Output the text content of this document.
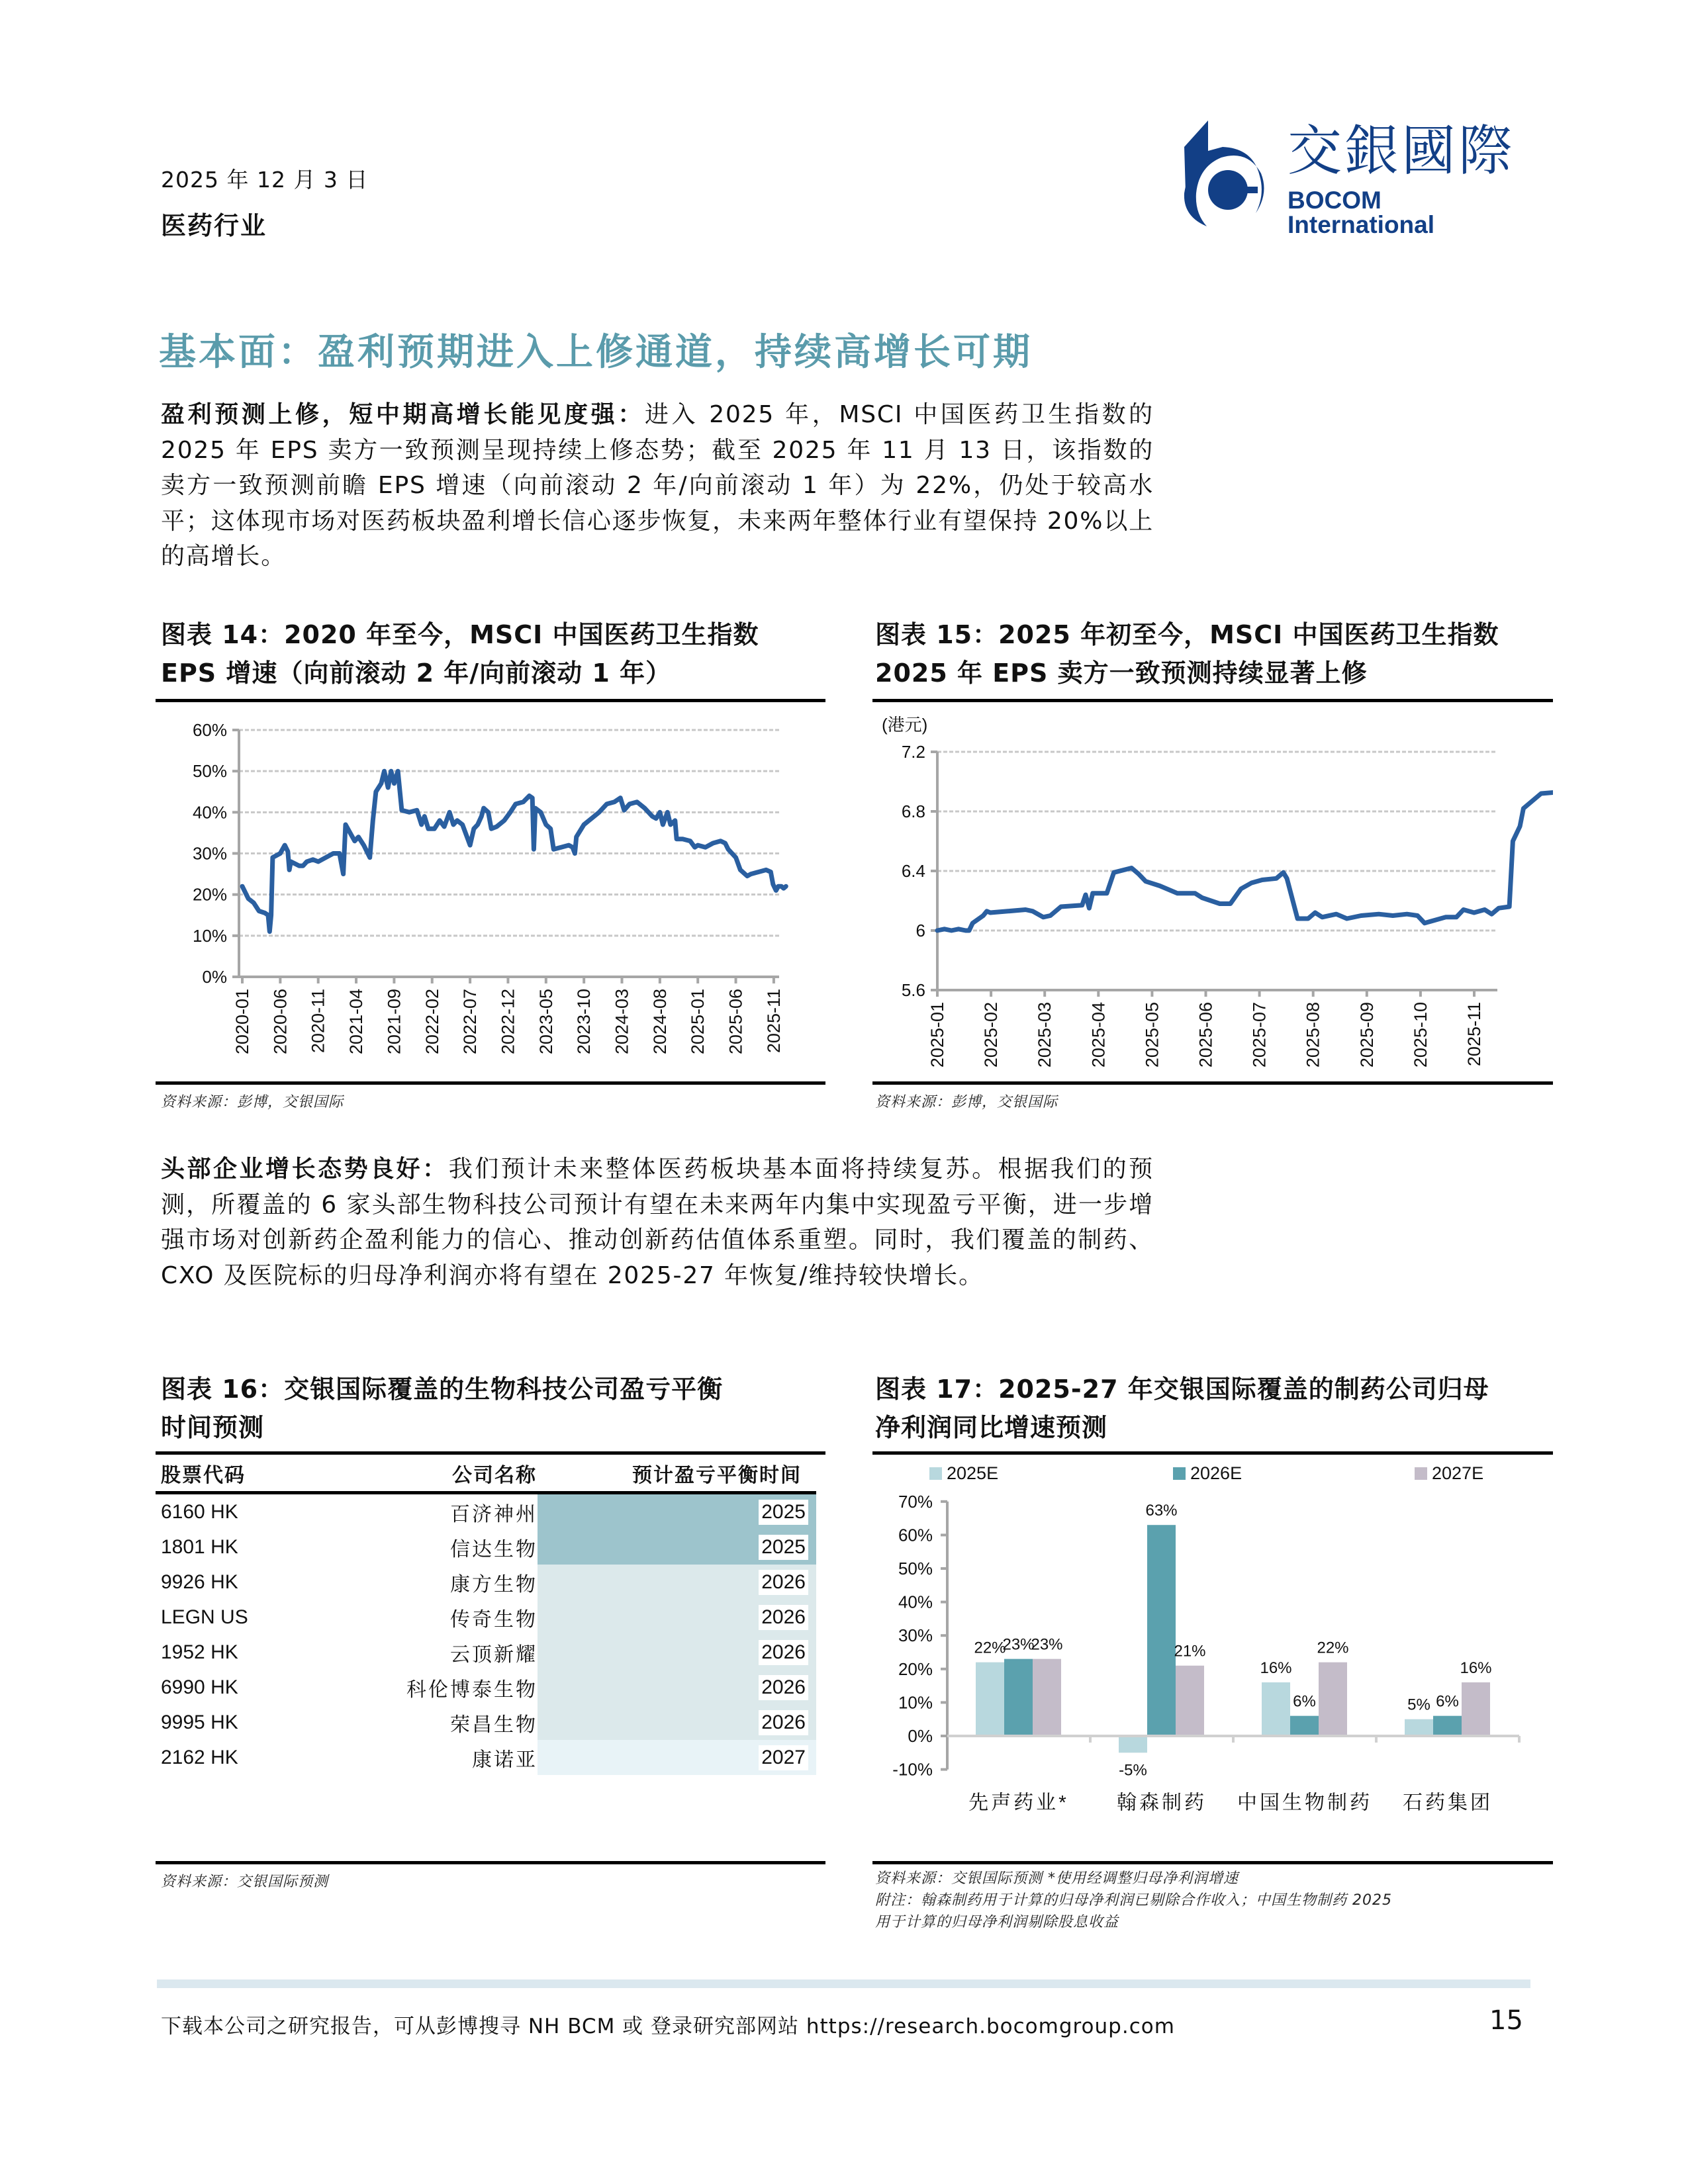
2025 年 12 月 3 日
医药行业
交銀國際
BOCOM International
基本面：盈利预期进入上修通道，持续高增长可期
盈利预测上修，短中期高增长能见度强：进入 2025 年，MSCI 中国医药卫生指数的 2025 年 EPS 卖方一致预测呈现持续上修态势；截至 2025 年 11 月 13 日，该指数的卖方一致预测前瞻 EPS 增速（向前滚动 2 年/向前滚动 1 年）为 22%，仍处于较高水平；这体现市场对医药板块盈利增长信心逐步恢复，未来两年整体行业有望保持 20%以上的高增长。
图表 14：2020 年至今，MSCI 中国医药卫生指数
EPS 增速（向前滚动 2 年/向前滚动 1 年）
0%
10%
20%
30%
40%
50%
60%
2020-01 2020-06 2020-11 2021-04 2021-09 2022-02 2022-07 2022-12 2023-05 2023-10 2024-03 2024-08 2025-01 2025-06 2025-11
资料来源：彭博，交银国际
图表 15：2025 年初至今，MSCI 中国医药卫生指数
2025 年 EPS 卖方一致预测持续显著上修
(港元)
5.6
6
6.4
6.8
7.2
2025-01 2025-02 2025-03 2025-04 2025-05 2025-06 2025-07 2025-08 2025-09 2025-10 2025-11
资料来源：彭博，交银国际
头部企业增长态势良好：我们预计未来整体医药板块基本面将持续复苏。根据我们的预测，所覆盖的 6 家头部生物科技公司预计有望在未来两年内集中实现盈亏平衡，进一步增强市场对创新药企盈利能力的信心、推动创新药估值体系重塑。同时，我们覆盖的制药、CXO 及医院标的归母净利润亦将有望在 2025-27 年恢复/维持较快增长。
图表 16：交银国际覆盖的生物科技公司盈亏平衡
时间预测
股票代码	公司名称	预计盈亏平衡时间
6160 HK	百济神州	2025
1801 HK	信达生物	2025
9926 HK	康方生物	2026
LEGN US	传奇生物	2026
1952 HK	云顶新耀	2026
6990 HK	科伦博泰生物	2026
9995 HK	荣昌生物	2026
2162 HK	康诺亚	2027
资料来源：交银国际预测
图表 17：2025-27 年交银国际覆盖的制药公司归母
净利润同比增速预测
2025E	2026E	2027E
-10%
0%
10%
20%
30%
40%
50%
60%
70%
22%
23%
23%
先声药业*
-5%
63%
21%
翰森制药
16%
6%
22%
中国生物制药
5% 6%
16%
石药集团
资料来源：交银国际预测 *使用经调整归母净利润增速
附注：翰森制药用于计算的归母净利润已剔除合作收入；中国生物制药 2025
用于计算的归母净利润剔除股息收益
下载本公司之研究报告，可从彭博搜寻 NH BCM 或 登录研究部网站 https://research.bocomgroup.com	15
